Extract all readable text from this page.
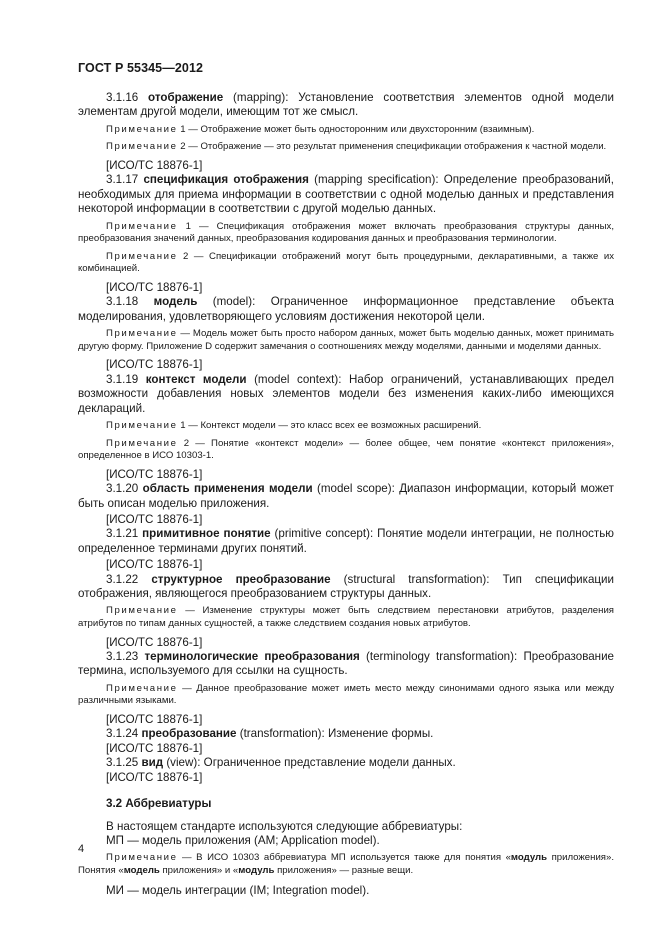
ГОСТ Р 55345—2012

3.1.16 отображение (mapping): Установление соответствия элементов одной модели элементам другой модели, имеющим тот же смысл.

Примечание 1 — Отображение может быть односторонним или двухсторонним (взаимным).

Примечание 2 — Отображение — это результат применения спецификации отображения к частной модели.

[ИСО/ТС 18876-1]

3.1.17 спецификация отображения (mapping specification): Определение преобразований, необходимых для приема информации в соответствии с одной моделью данных и представления некоторой информации в соответствии с другой моделью данных.

Примечание 1 — Спецификация отображения может включать преобразования структуры данных, преобразования значений данных, преобразования кодирования данных и преобразования терминологии.

Примечание 2 — Спецификации отображений могут быть процедурными, декларативными, а также их комбинацией.

[ИСО/ТС 18876-1]

3.1.18 модель (model): Ограниченное информационное представление объекта моделирования, удовлетворяющего условиям достижения некоторой цели.

Примечание — Модель может быть просто набором данных, может быть моделью данных, может принимать другую форму. Приложение D содержит замечания о соотношениях между моделями, данными и моделями данных.

[ИСО/ТС 18876-1]

3.1.19 контекст модели (model context): Набор ограничений, устанавливающих предел возможности добавления новых элементов модели без изменения каких-либо имеющихся деклараций.

Примечание 1 — Контекст модели — это класс всех ее возможных расширений.

Примечание 2 — Понятие «контекст модели» — более общее, чем понятие «контекст приложения», определенное в ИСО 10303-1.

[ИСО/ТС 18876-1]

3.1.20 область применения модели (model scope): Диапазон информации, который может быть описан моделью приложения.

[ИСО/ТС 18876-1]

3.1.21 примитивное понятие (primitive concept): Понятие модели интеграции, не полностью определенное терминами других понятий.

[ИСО/ТС 18876-1]

3.1.22 структурное преобразование (structural transformation): Тип спецификации отображения, являющегося преобразованием структуры данных.

Примечание — Изменение структуры может быть следствием перестановки атрибутов, разделения атрибутов по типам данных сущностей, а также следствием создания новых атрибутов.

[ИСО/ТС 18876-1]

3.1.23 терминологические преобразования (terminology transformation): Преобразование термина, используемого для ссылки на сущность.

Примечание — Данное преобразование может иметь место между синонимами одного языка или между различными языками.

[ИСО/ТС 18876-1]

3.1.24 преобразование (transformation): Изменение формы.

[ИСО/ТС 18876-1]

3.1.25 вид (view): Ограниченное представление модели данных.

[ИСО/ТС 18876-1]

3.2 Аббревиатуры

В настоящем стандарте используются следующие аббревиатуры:

МП — модель приложения (AM; Application model).

Примечание — В ИСО 10303 аббревиатура МП используется также для понятия «модуль приложения». Понятия «модель приложения» и «модуль приложения» — разные вещи.

МИ — модель интеграции (IM; Integration model).

4
